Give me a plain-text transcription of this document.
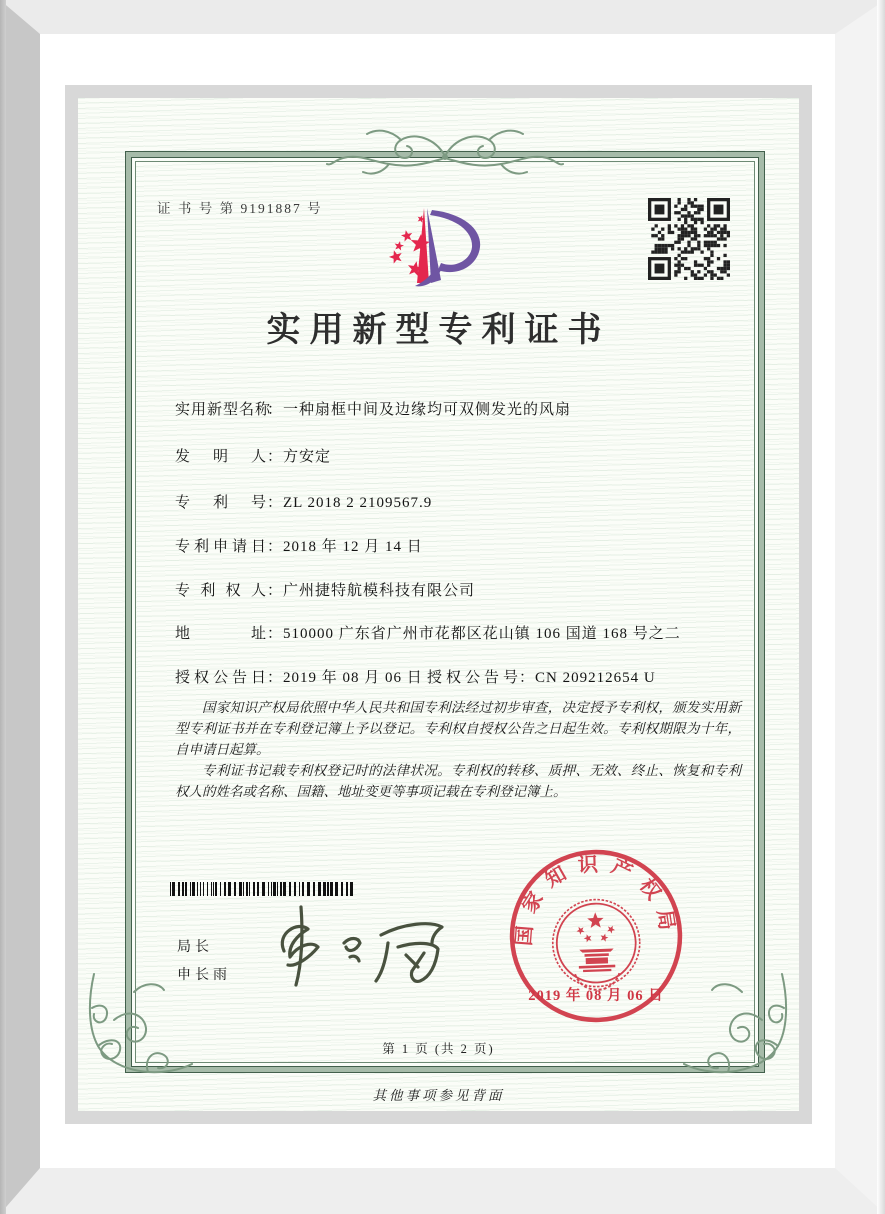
证 书 号 第 9191887 号
实用新型专利证书
实用新型名称：一种扇框中间及边缘均可双侧发光的风扇
发明人：方安定
专利号：ZL 2018 2 2109567.9
专利申请日：2018 年 12 月 14 日
专利权人：广州捷特航模科技有限公司
地址：510000 广东省广州市花都区花山镇 106 国道 168 号之二
授权公告日：2019 年 08 月 06 日 授权公告号：CN 209212654 U

国家知识产权局依照中华人民共和国专利法经过初步审查，决定授予专利权，颁发实用新型专利证书并在专利登记簿上予以登记。专利权自授权公告之日起生效。专利权期限为十年，自申请日起算。

专利证书记载专利权登记时的法律状况。专利权的转移、质押、无效、终止、恢复和专利权人的姓名或名称、国籍、地址变更等事项记载在专利登记簿上。

局长
申长雨
国家知识产权局
2019 年 08 月 06 日
第 1 页 (共 2 页)
其他事项参见背面
